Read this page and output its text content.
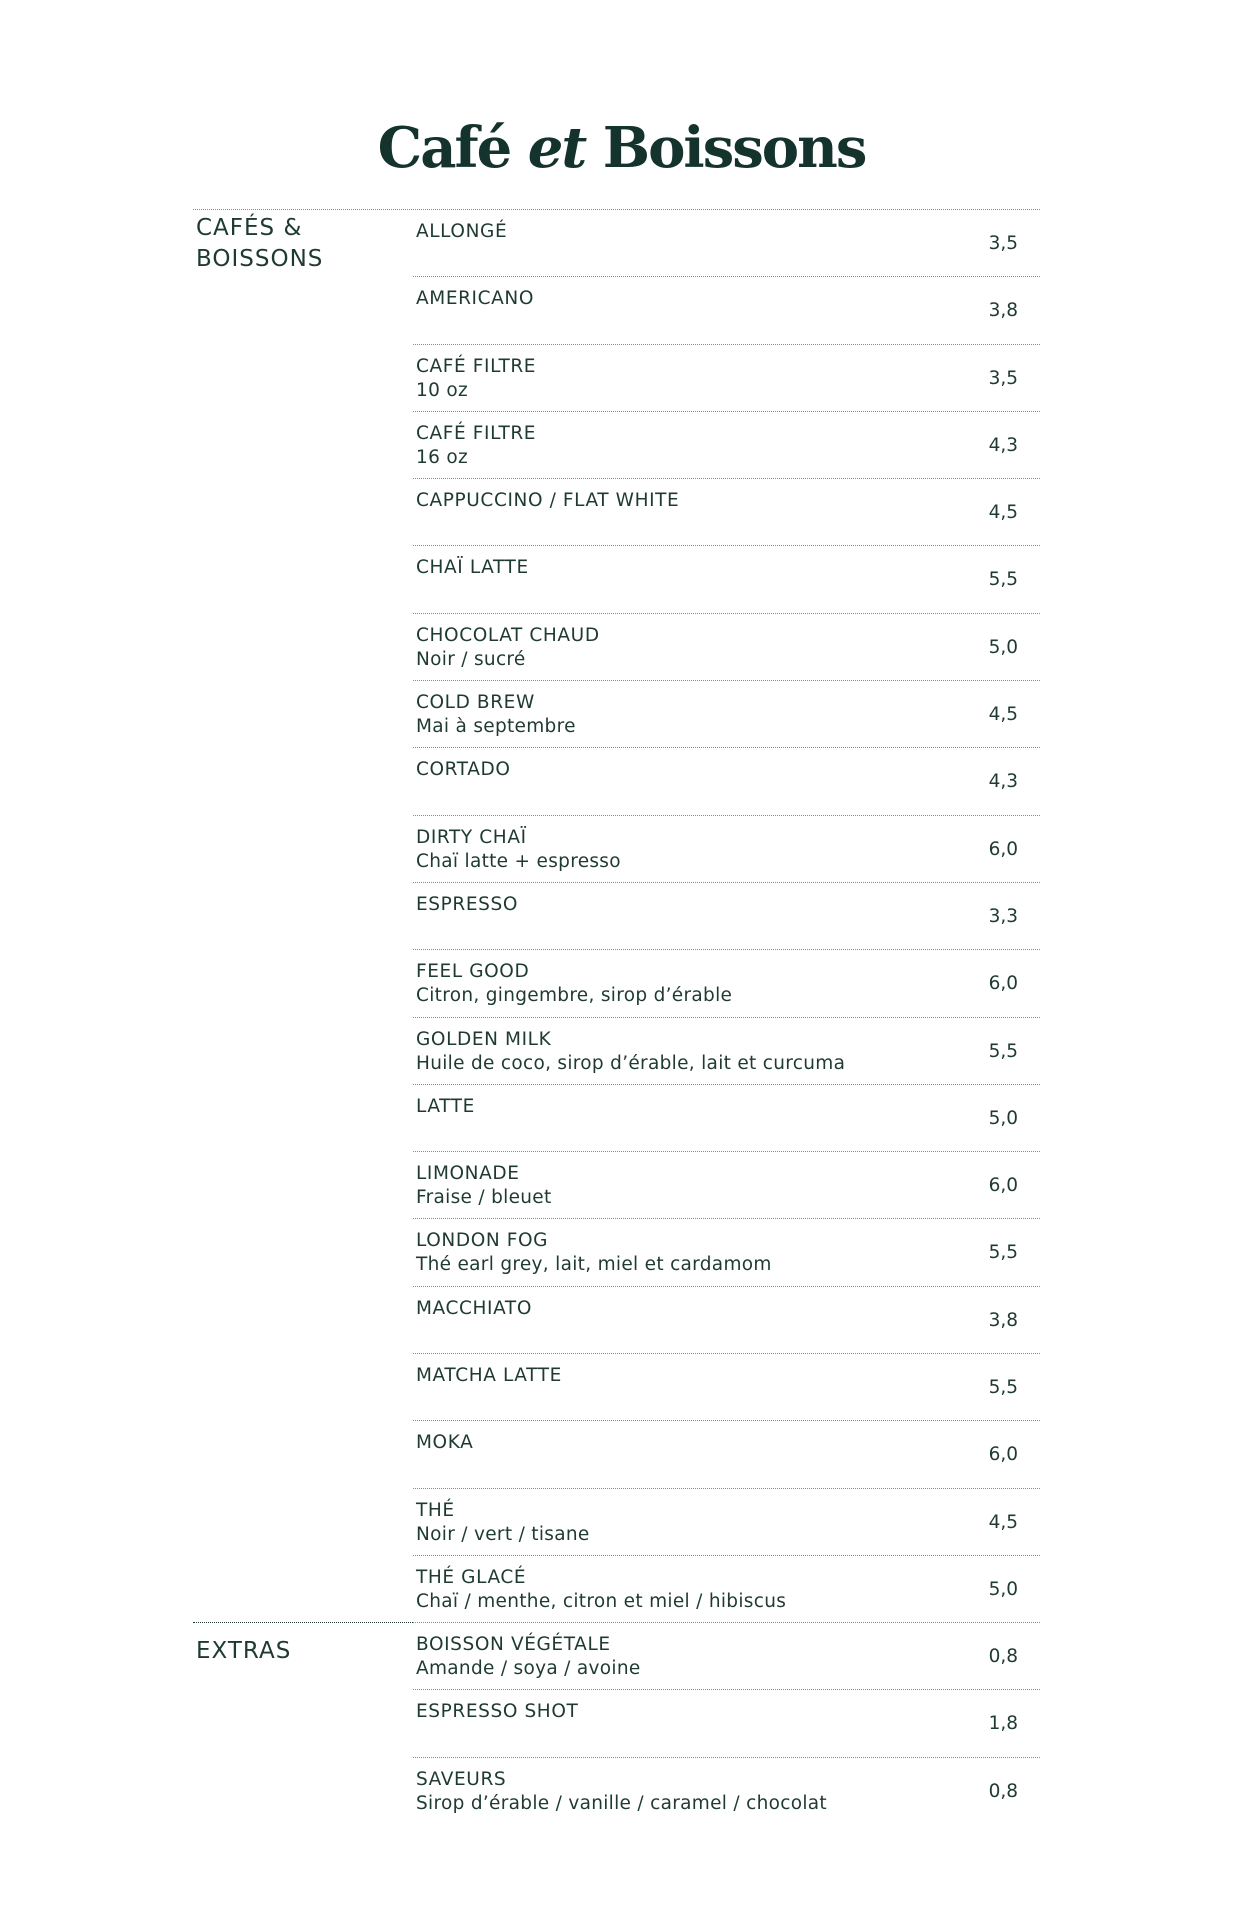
Café et Boissons
CAFÉS &
BOISSONS
ALLONGÉ
3,5
AMERICANO
3,8
CAFÉ FILTRE
10 oz
3,5
CAFÉ FILTRE
16 oz
4,3
CAPPUCCINO / FLAT WHITE
4,5
CHAÏ LATTE
5,5
CHOCOLAT CHAUD
Noir / sucré
5,0
COLD BREW
Mai à septembre
4,5
CORTADO
4,3
DIRTY CHAÏ
Chaï latte + espresso
6,0
ESPRESSO
3,3
FEEL GOOD
Citron, gingembre, sirop d’érable
6,0
GOLDEN MILK
Huile de coco, sirop d’érable, lait et curcuma
5,5
LATTE
5,0
LIMONADE
Fraise / bleuet
6,0
LONDON FOG
Thé earl grey, lait, miel et cardamom
5,5
MACCHIATO
3,8
MATCHA LATTE
5,5
MOKA
6,0
THÉ
Noir / vert / tisane
4,5
THÉ GLACÉ
Chaï / menthe, citron et miel / hibiscus
5,0
EXTRAS	BOISSON VÉGÉTALE
Amande / soya / avoine
0,8
ESPRESSO SHOT
1,8
SAVEURS
Sirop d’érable / vanille / caramel / chocolat
0,8
